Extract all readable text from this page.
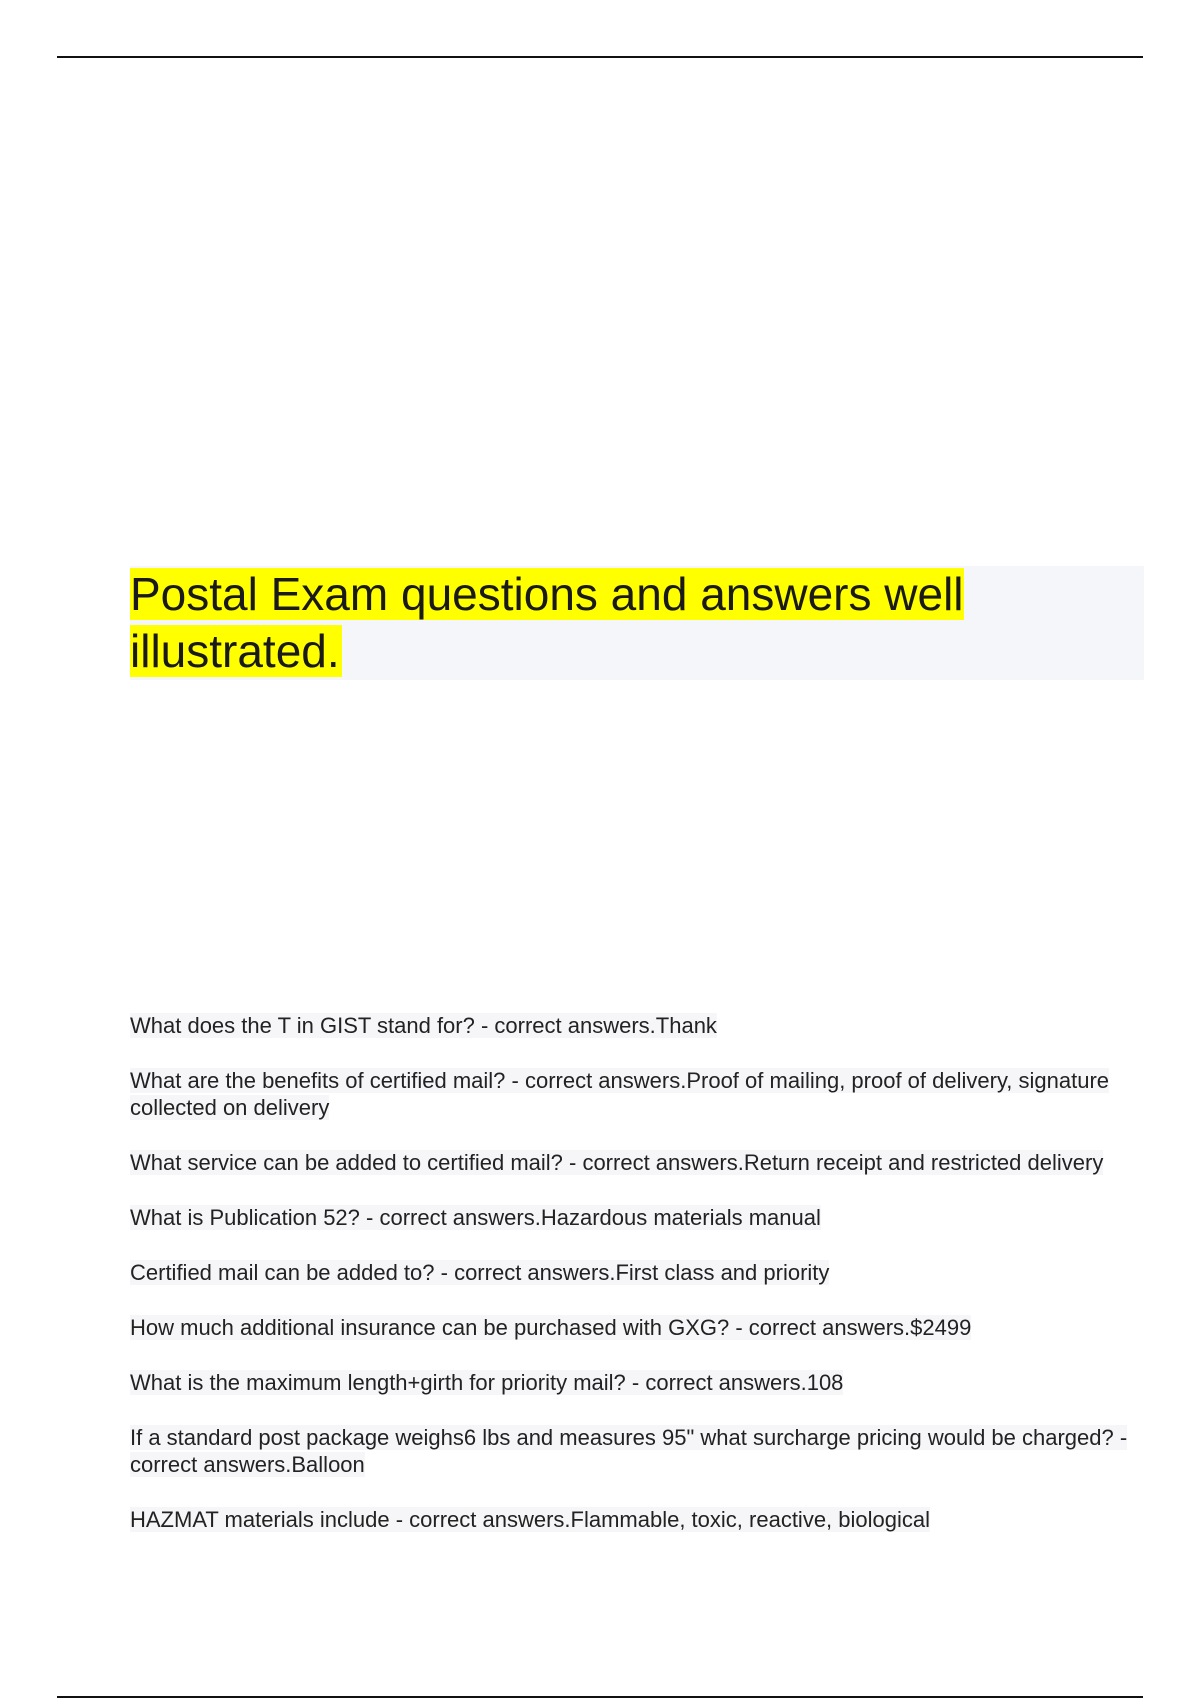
Postal Exam questions and answers well illustrated.
What does the T in GIST stand for? - correct answers.Thank
What are the benefits of certified mail? - correct answers.Proof of mailing, proof of delivery, signature collected on delivery
What service can be added to certified mail? - correct answers.Return receipt and restricted delivery
What is Publication 52? - correct answers.Hazardous materials manual
Certified mail can be added to? - correct answers.First class and priority
How much additional insurance can be purchased with GXG? - correct answers.$2499
What is the maximum length+girth for priority mail? - correct answers.108
If a standard post package weighs6 lbs and measures 95" what surcharge pricing would be charged? - correct answers.Balloon
HAZMAT materials include - correct answers.Flammable, toxic, reactive, biological
